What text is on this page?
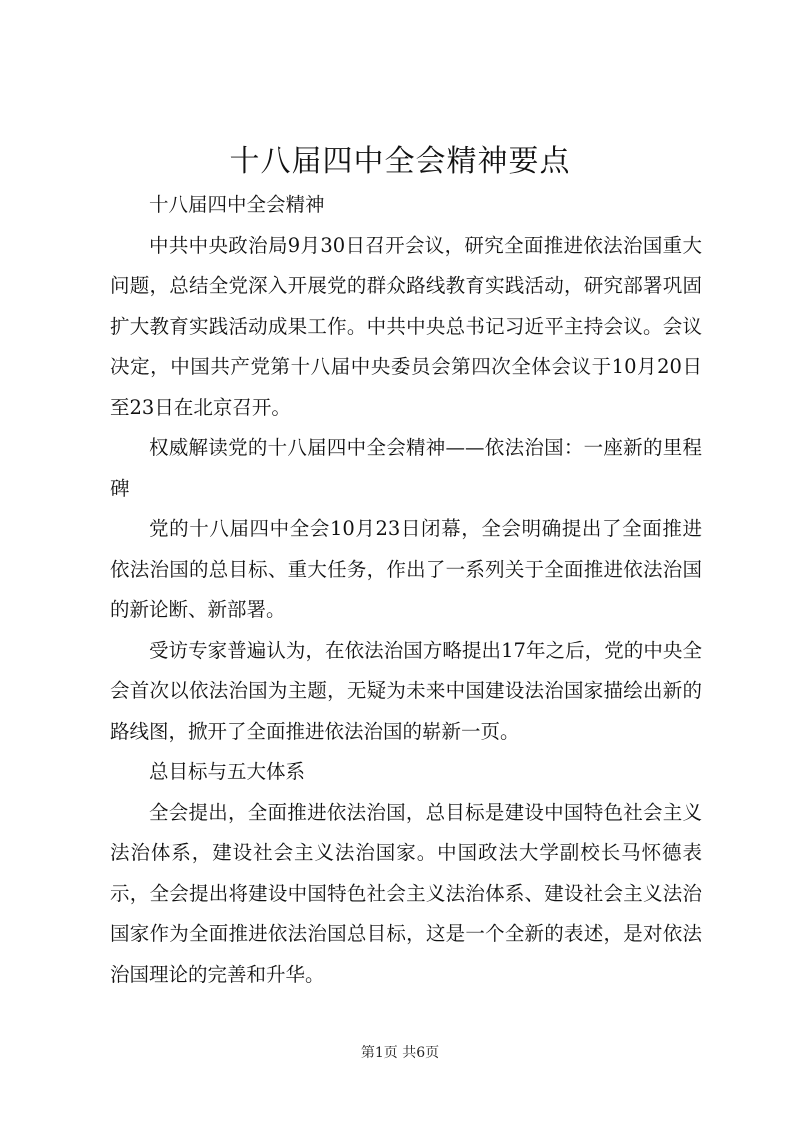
十八届四中全会精神要点

十八届四中全会精神

中共中央政治局9月30日召开会议，研究全面推进依法治国重大问题，总结全党深入开展党的群众路线教育实践活动，研究部署巩固扩大教育实践活动成果工作。中共中央总书记习近平主持会议。会议决定，中国共产党第十八届中央委员会第四次全体会议于10月20日至23日在北京召开。

权威解读党的十八届四中全会精神——依法治国：一座新的里程碑

党的十八届四中全会10月23日闭幕，全会明确提出了全面推进依法治国的总目标、重大任务，作出了一系列关于全面推进依法治国的新论断、新部署。

受访专家普遍认为，在依法治国方略提出17年之后，党的中央全会首次以依法治国为主题，无疑为未来中国建设法治国家描绘出新的路线图，掀开了全面推进依法治国的崭新一页。

总目标与五大体系

全会提出，全面推进依法治国，总目标是建设中国特色社会主义法治体系，建设社会主义法治国家。中国政法大学副校长马怀德表示，全会提出将建设中国特色社会主义法治体系、建设社会主义法治国家作为全面推进依法治国总目标，这是一个全新的表述，是对依法治国理论的完善和升华。

第1页 共6页
